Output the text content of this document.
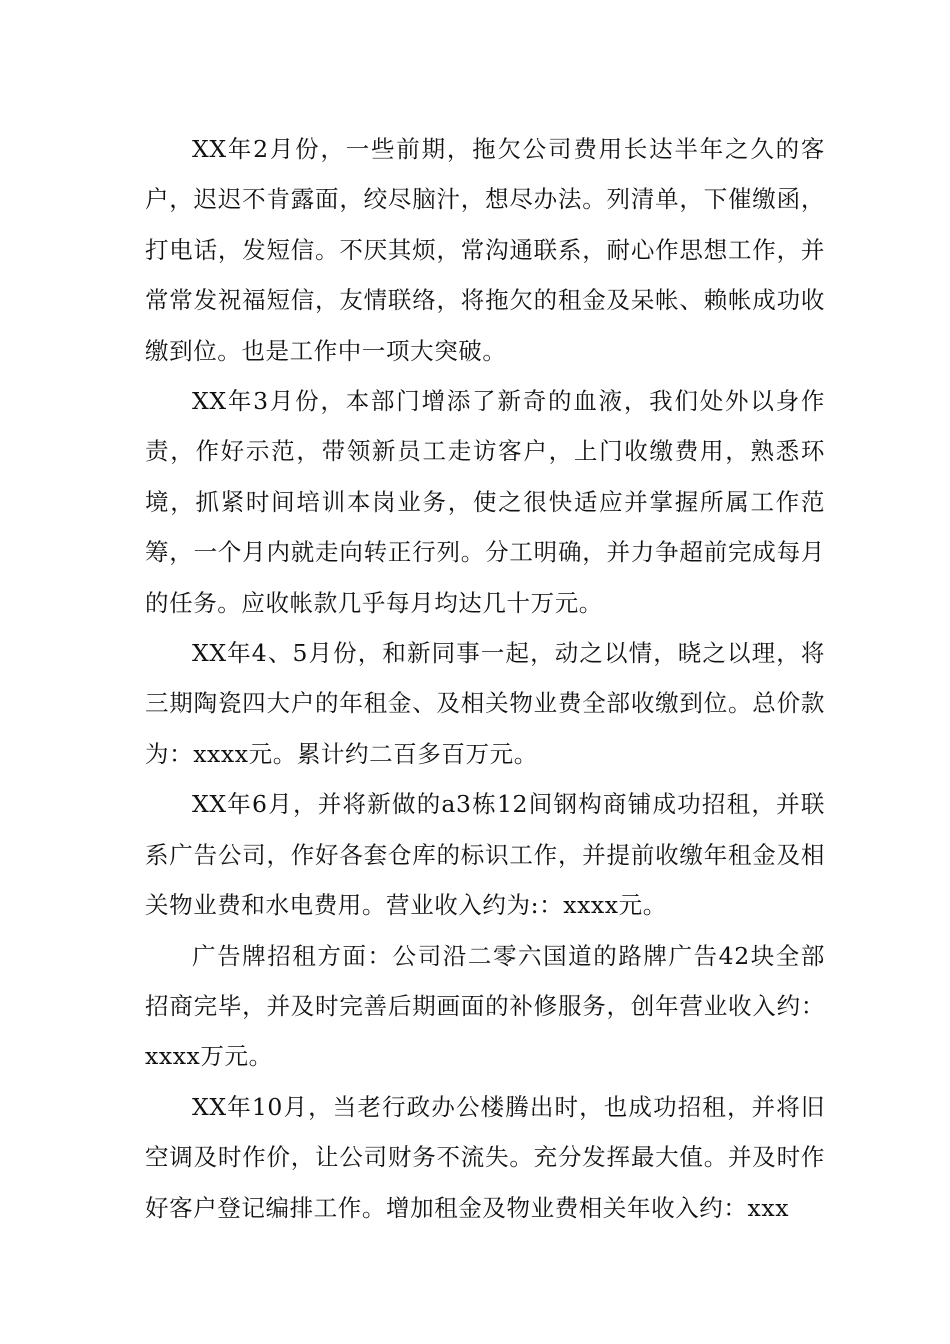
XX年2月份，一些前期，拖欠公司费用长达半年之久的客户，迟迟不肯露面，绞尽脑汁，想尽办法。列清单，下催缴函，打电话，发短信。不厌其烦，常沟通联系，耐心作思想工作，并常常发祝福短信，友情联络，将拖欠的租金及呆帐、赖帐成功收缴到位。也是工作中一项大突破。

XX年3月份，本部门增添了新奇的血液，我们处外以身作责，作好示范，带领新员工走访客户，上门收缴费用，熟悉环境，抓紧时间培训本岗业务，使之很快适应并掌握所属工作范筹，一个月内就走向转正行列。分工明确，并力争超前完成每月的任务。应收帐款几乎每月均达几十万元。

XX年4、5月份，和新同事一起，动之以情，晓之以理，将三期陶瓷四大户的年租金、及相关物业费全部收缴到位。总价款为：xxxx元。累计约二百多百万元。

XX年6月，并将新做的a3栋12间钢构商铺成功招租，并联系广告公司，作好各套仓库的标识工作，并提前收缴年租金及相关物业费和水电费用。营业收入约为:：xxxx元。

广告牌招租方面：公司沿二零六国道的路牌广告42块全部招商完毕，并及时完善后期画面的补修服务，创年营业收入约：xxxx万元。

XX年10月，当老行政办公楼腾出时，也成功招租，并将旧空调及时作价，让公司财务不流失。充分发挥最大值。并及时作好客户登记编排工作。增加租金及物业费相关年收入约：xxx
